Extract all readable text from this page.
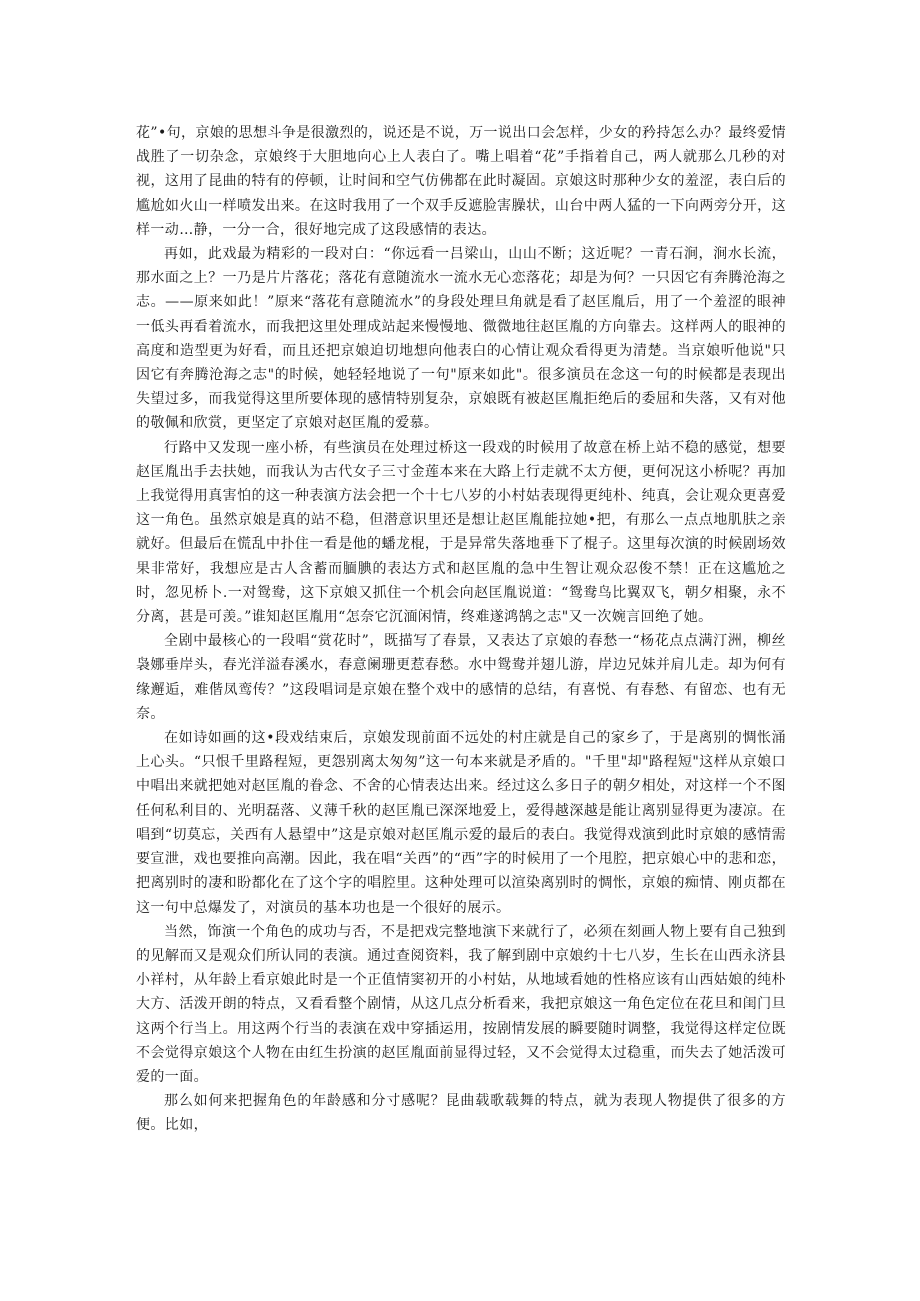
花”•句，京娘的思想斗争是很激烈的，说还是不说，万一说出口会怎样，少女的矜持怎么办？最终爱情战胜了一切杂念，京娘终于大胆地向心上人表白了。嘴上唱着“花”手指着自己，两人就那么几秒的对视，这用了昆曲的特有的停顿，让时间和空气仿佛都在此时凝固。京娘这时那种少女的羞涩，表白后的尴尬如火山一样喷发出来。在这时我用了一个双手反遮脸害臊状，山台中两人猛的一下向两旁分开，这样一动…静，一分一合，很好地完成了这段感情的表达。

再如，此戏最为精彩的一段对白：“你远看一吕梁山，山山不断；这近呢？一青石涧，涧水长流，那水面之上？一乃是片片落花；落花有意随流水一流水无心恋落花；却是为何？一只因它有奔腾沧海之志。——原来如此！”原来“落花有意随流水”的身段处理旦角就是看了赵匡胤后，用了一个羞涩的眼神一低头再看着流水，而我把这里处理成站起来慢慢地、微微地往赵匡胤的方向靠去。这样两人的眼神的高度和造型更为好看，而且还把京娘迫切地想向他表白的心情让观众看得更为清楚。当京娘听他说"只因它有奔腾沧海之志"的时候，她轻轻地说了一句"原来如此"。很多演员在念这一句的时候都是表现出失望过多，而我觉得这里所要体现的感情特别复杂，京娘既有被赵匡胤拒绝后的委屈和失落，又有对他的敬佩和欣赏，更坚定了京娘对赵匡胤的爱慕。

行路中又发现一座小桥，有些演员在处理过桥这一段戏的时候用了故意在桥上站不稳的感觉，想要赵匡胤出手去扶她，而我认为古代女子三寸金莲本来在大路上行走就不太方便，更何况这小桥呢？再加上我觉得用真害怕的这一种表演方法会把一个十七八岁的小村姑表现得更纯朴、纯真，会让观众更喜爱这一角色。虽然京娘是真的站不稳，但潜意识里还是想让赵匡胤能拉她•把，有那么一点点地肌肤之亲就好。但最后在慌乱中扑住一看是他的蟠龙棍，于是异常失落地垂下了棍子。这里每次演的时候剧场效果非常好，我想应是古人含蓄而腼腆的表达方式和赵匡胤的急中生智让观众忍俊不禁！正在这尴尬之时，忽见桥卜.一对鸳鸯，这下京娘又抓住一个机会向赵匡胤说道：“鸳鸯鸟比翼双飞，朝夕相聚，永不分离，甚是可羡。”谁知赵匡胤用“怎奈它沉湎闲情，终难遂鸿鹄之志"又一次婉言回绝了她。

全剧中最核心的一段唱“赏花时”，既描写了春景，又表达了京娘的春愁一“杨花点点满汀洲，柳丝袅娜垂岸头，春光洋溢春溪水，春意阑珊更惹春愁。水中鸳鸯并翅儿游，岸边兄妹并肩儿走。却为何有缘邂逅，难偕凤鸾传？”这段唱词是京娘在整个戏中的感情的总结，有喜悦、有春愁、有留恋、也有无奈。

在如诗如画的这•段戏结束后，京娘发现前面不远处的村庄就是自己的家乡了，于是离别的惆怅涌上心头。“只恨千里路程短，更怨别离太匆匆”这一句本来就是矛盾的。"千里"却"路程短"这样从京娘口中唱出来就把她对赵匡胤的眷念、不舍的心情表达出来。经过这么多日子的朝夕相处，对这样一个不图任何私利目的、光明磊落、义薄千秋的赵匡胤已深深地爱上，爱得越深越是能让离别显得更为凄凉。在唱到“切莫忘，关西有人悬望中”这是京娘对赵匡胤示爱的最后的表白。我觉得戏演到此时京娘的感情需要宣泄，戏也要推向高潮。因此，我在唱“关西”的“西”字的时候用了一个甩腔，把京娘心中的悲和恋，把离别时的凄和盼都化在了这个字的唱腔里。这种处理可以渲染离别时的惆怅，京娘的痴情、刚贞都在这一句中总爆发了，对演员的基本功也是一个很好的展示。

当然，饰演一个角色的成功与否，不是把戏完整地演下来就行了，必须在刻画人物上要有自己独到的见解而又是观众们所认同的表演。通过查阅资料，我了解到剧中京娘约十七八岁，生长在山西永济县小祥村，从年龄上看京娘此时是一个正值情窦初开的小村姑，从地域看她的性格应该有山西姑娘的纯朴大方、活泼开朗的特点，又看看整个剧情，从这几点分析看来，我把京娘这一角色定位在花旦和闺门旦这两个行当上。用这两个行当的表演在戏中穿插运用，按剧情发展的瞬要随时调整，我觉得这样定位既不会觉得京娘这个人物在由红生扮演的赵匡胤面前显得过轻，又不会觉得太过稳重，而失去了她活泼可爱的一面。

那么如何来把握角色的年龄感和分寸感呢？昆曲载歌载舞的特点，就为表现人物提供了很多的方便。比如，
